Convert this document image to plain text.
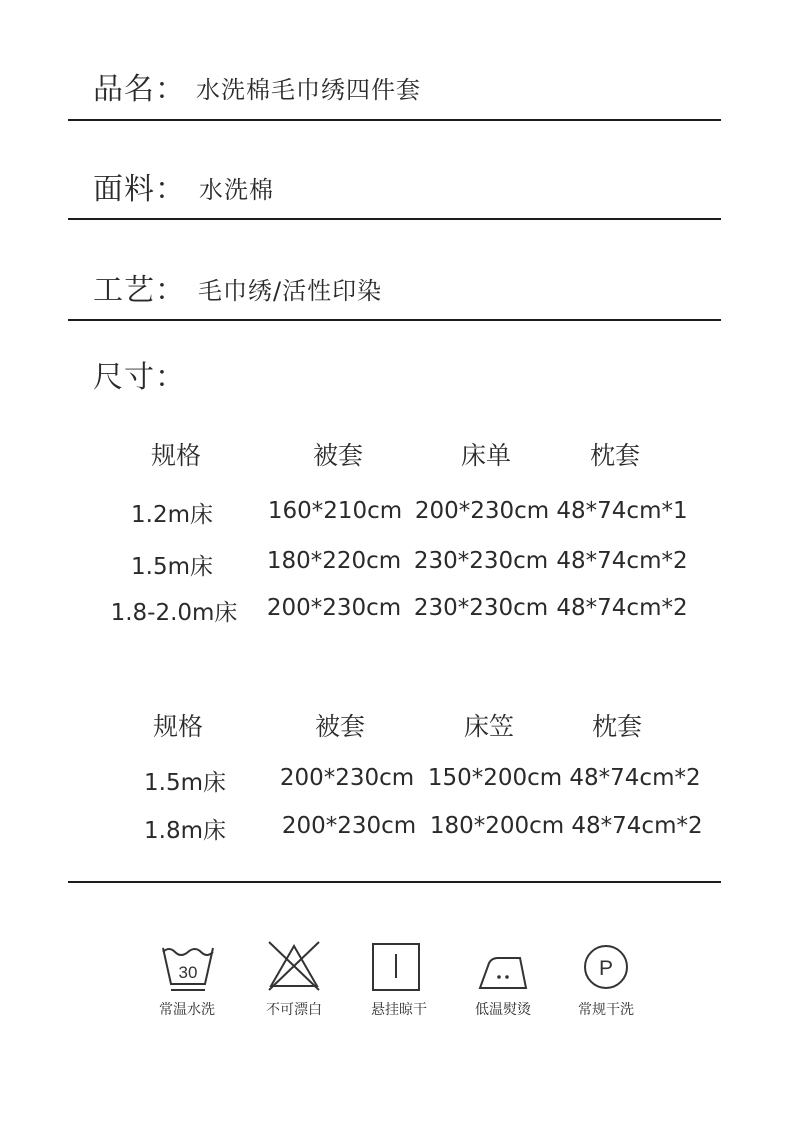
品名： 水洗棉毛巾绣四件套
面料： 水洗棉
工艺： 毛巾绣/活性印染
尺寸：
规格	被套	床单	枕套
1.2m床 160*210cm 200*230cm 48*74cm*1
1.5m床 180*220cm 230*230cm 48*74cm*2
1.8-2.0m床 200*230cm 230*230cm 48*74cm*2
规格	被套	床笠	枕套
1.5m床 200*230cm 150*200cm 48*74cm*2
1.8m床 200*230cm 180*200cm 48*74cm*2
30
常温水洗	不可漂白	悬挂晾干	低温熨烫
P
常规干洗
